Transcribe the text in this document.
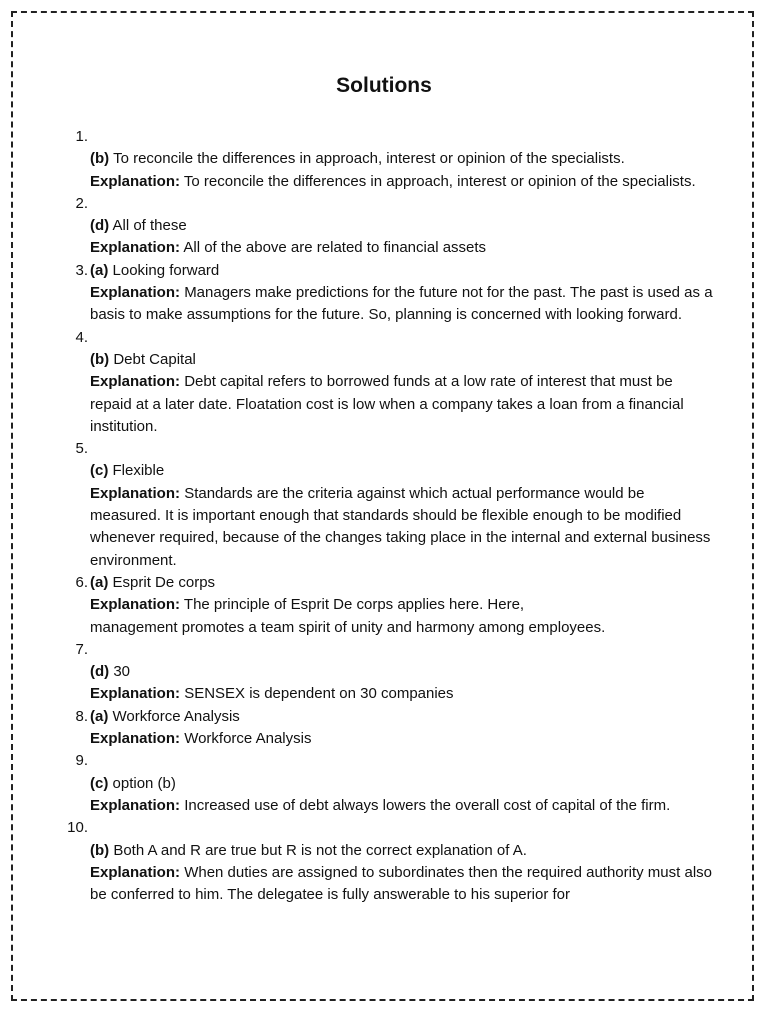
Solutions
1.
(b) To reconcile the differences in approach, interest or opinion of the specialists.
Explanation: To reconcile the differences in approach, interest or opinion of the specialists.
2.
(d) All of these
Explanation: All of the above are related to financial assets
3. (a) Looking forward
Explanation: Managers make predictions for the future not for the past. The past is used as a basis to make assumptions for the future. So, planning is concerned with looking forward.
4.
(b) Debt Capital
Explanation: Debt capital refers to borrowed funds at a low rate of interest that must be repaid at a later date. Floatation cost is low when a company takes a loan from a financial institution.
5.
(c) Flexible
Explanation: Standards are the criteria against which actual performance would be measured. It is important enough that standards should be flexible enough to be modified whenever required, because of the changes taking place in the internal and external business environment.
6. (a) Esprit De corps
Explanation: The principle of Esprit De corps applies here. Here,
management promotes a team spirit of unity and harmony among employees.
7.
(d) 30
Explanation: SENSEX is dependent on 30 companies
8. (a) Workforce Analysis
Explanation: Workforce Analysis
9.
(c) option (b)
Explanation: Increased use of debt always lowers the overall cost of capital of the firm.
10.
(b) Both A and R are true but R is not the correct explanation of A.
Explanation: When duties are assigned to subordinates then the required authority must also be conferred to him. The delegatee is fully answerable to his superior for
